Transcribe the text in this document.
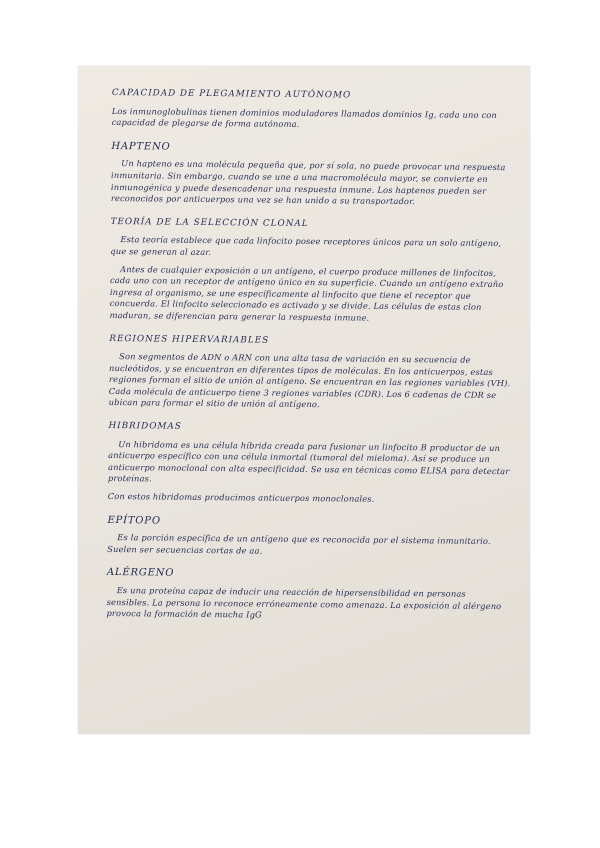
CAPACIDAD DE PLEGAMIENTO AUTÓNOMO

Los inmunoglobulinas tienen dominios moduladores llamados dominios Ig, cada uno con capacidad de plegarse de forma autónoma.

HAPTENO

Un hapteno es una molécula pequeña que, por sí sola, no puede provocar una respuesta inmunitaria. Sin embargo, cuando se une a una macromolécula mayor, se convierte en inmunogénica y puede desencadenar una respuesta inmune. Los haptenos pueden ser reconocidos por anticuerpos una vez se han unido a su transportador.

TEORÍA DE LA SELECCIÓN CLONAL

Esta teoría establece que cada linfocito posee receptores únicos para un solo antígeno, que se generan al azar.

Antes de cualquier exposición a un antígeno, el cuerpo produce millones de linfocitos, cada uno con un receptor de antígeno único en su superficie. Cuando un antígeno extraño ingresa al organismo, se une específicamente al linfocito que tiene el receptor que concuerda. El linfocito seleccionado es activado y se divide. Las células de estas clon maduran, se diferencian para generar la respuesta inmune.

REGIONES HIPERVARIABLES

Son segmentos de ADN o ARN con una alta tasa de variación en su secuencia de nucleótidos, y se encuentran en diferentes tipos de moléculas. En los anticuerpos, estas regiones forman el sitio de unión al antígeno. Se encuentran en las regiones variables (VH). Cada molécula de anticuerpo tiene 3 regiones variables (CDR). Los 6 cadenas de CDR se ubican para formar el sitio de unión al antígeno.

HIBRIDOMAS

Un hibridoma es una célula híbrida creada para fusionar un linfocito B productor de un anticuerpo específico con una célula inmortal (tumoral del mieloma). Así se produce un anticuerpo monoclonal con alta especificidad. Se usa en técnicas como ELISA para detectar proteínas.

Con estos hibridomas producimos anticuerpos monoclonales.

EPÍTOPO

Es la porción específica de un antígeno que es reconocida por el sistema inmunitario. Suelen ser secuencias cortas de aa.

ALÉRGENO

Es una proteína capaz de inducir una reacción de hipersensibilidad en personas sensibles. La persona lo reconoce erróneamente como amenaza. La exposición al alérgeno provoca la formación de mucha IgG
